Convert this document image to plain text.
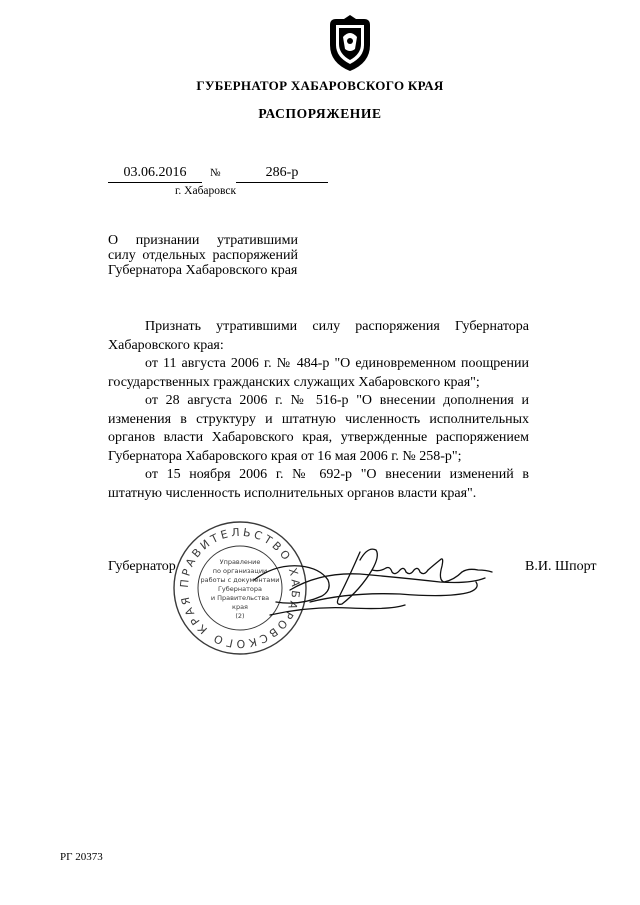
ГУБЕРНАТОР ХАБАРОВСКОГО КРАЯ
РАСПОРЯЖЕНИЕ
03.06.2016	№	286-р
г. Хабаровск
О признании утратившими силу отдельных распоряжений Губернатора Хабаровского края

Признать утратившими силу распоряжения Губернатора Хабаровского края:

от 11 августа 2006 г. № 484-р "О единовременном поощрении государственных гражданских служащих Хабаровского края";

от 28 августа 2006 г. № 516-р "О внесении дополнения и изменения в структуру и штатную численность исполнительных органов власти Хабаровского края, утвержденные распоряжением Губернатора Хабаровского края от 16 мая 2006 г. № 258-р";

от 15 ноября 2006 г. № 692-р "О внесении изменений в штатную численность исполнительных органов власти края".

Губернатор	В.И. Шпорт
ПРАВИТЕЛЬСТВО ХАБАРОВСКОГО КРАЯ
Управление
по организации
работы с документами
Губернатора
и Правительства
края
(2)
РГ 20373
